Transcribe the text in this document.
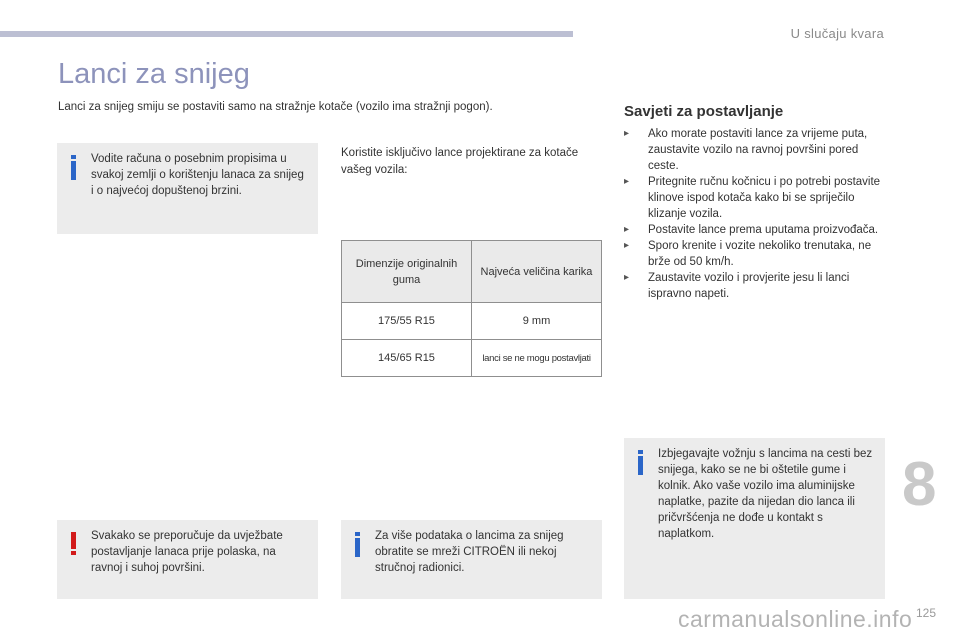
U slučaju kvara
8
125
carmanualsonline.info
Lanci za snijeg
Lanci za snijeg smiju se postaviti samo na stražnje kotače (vozilo ima stražnji pogon).
Vodite računa o posebnim propisima u svakoj zemlji o korištenju lanaca za snijeg i o najvećoj dopuštenoj brzini.
Koristite isključivo lance projektirane za kotače vašeg vozila:
Dimenzije originalnih guma	Najveća veličina karika
175/55 R15	9 mm
145/65 R15	lanci se ne mogu postavljati
Svakako se preporučuje da uvježbate postavljanje lanaca prije polaska, na ravnoj i suhoj površini.
Za više podataka o lancima za snijeg obratite se mreži CITROËN ili nekoj stručnoj radionici.
Savjeti za postavljanje
▸ Ako morate postaviti lance za vrijeme puta, zaustavite vozilo na ravnoj površini pored ceste.
▸ Pritegnite ručnu kočnicu i po potrebi postavite klinove ispod kotača kako bi se spriječilo klizanje vozila.
▸ Postavite lance prema uputama proizvođača.
▸ Sporo krenite i vozite nekoliko trenutaka, ne brže od 50 km/h.
▸ Zaustavite vozilo i provjerite jesu li lanci ispravno napeti.
Izbjegavajte vožnju s lancima na cesti bez snijega, kako se ne bi oštetile gume i kolnik. Ako vaše vozilo ima aluminijske naplatke, pazite da nijedan dio lanca ili pričvršćenja ne dođe u kontakt s naplatkom.
